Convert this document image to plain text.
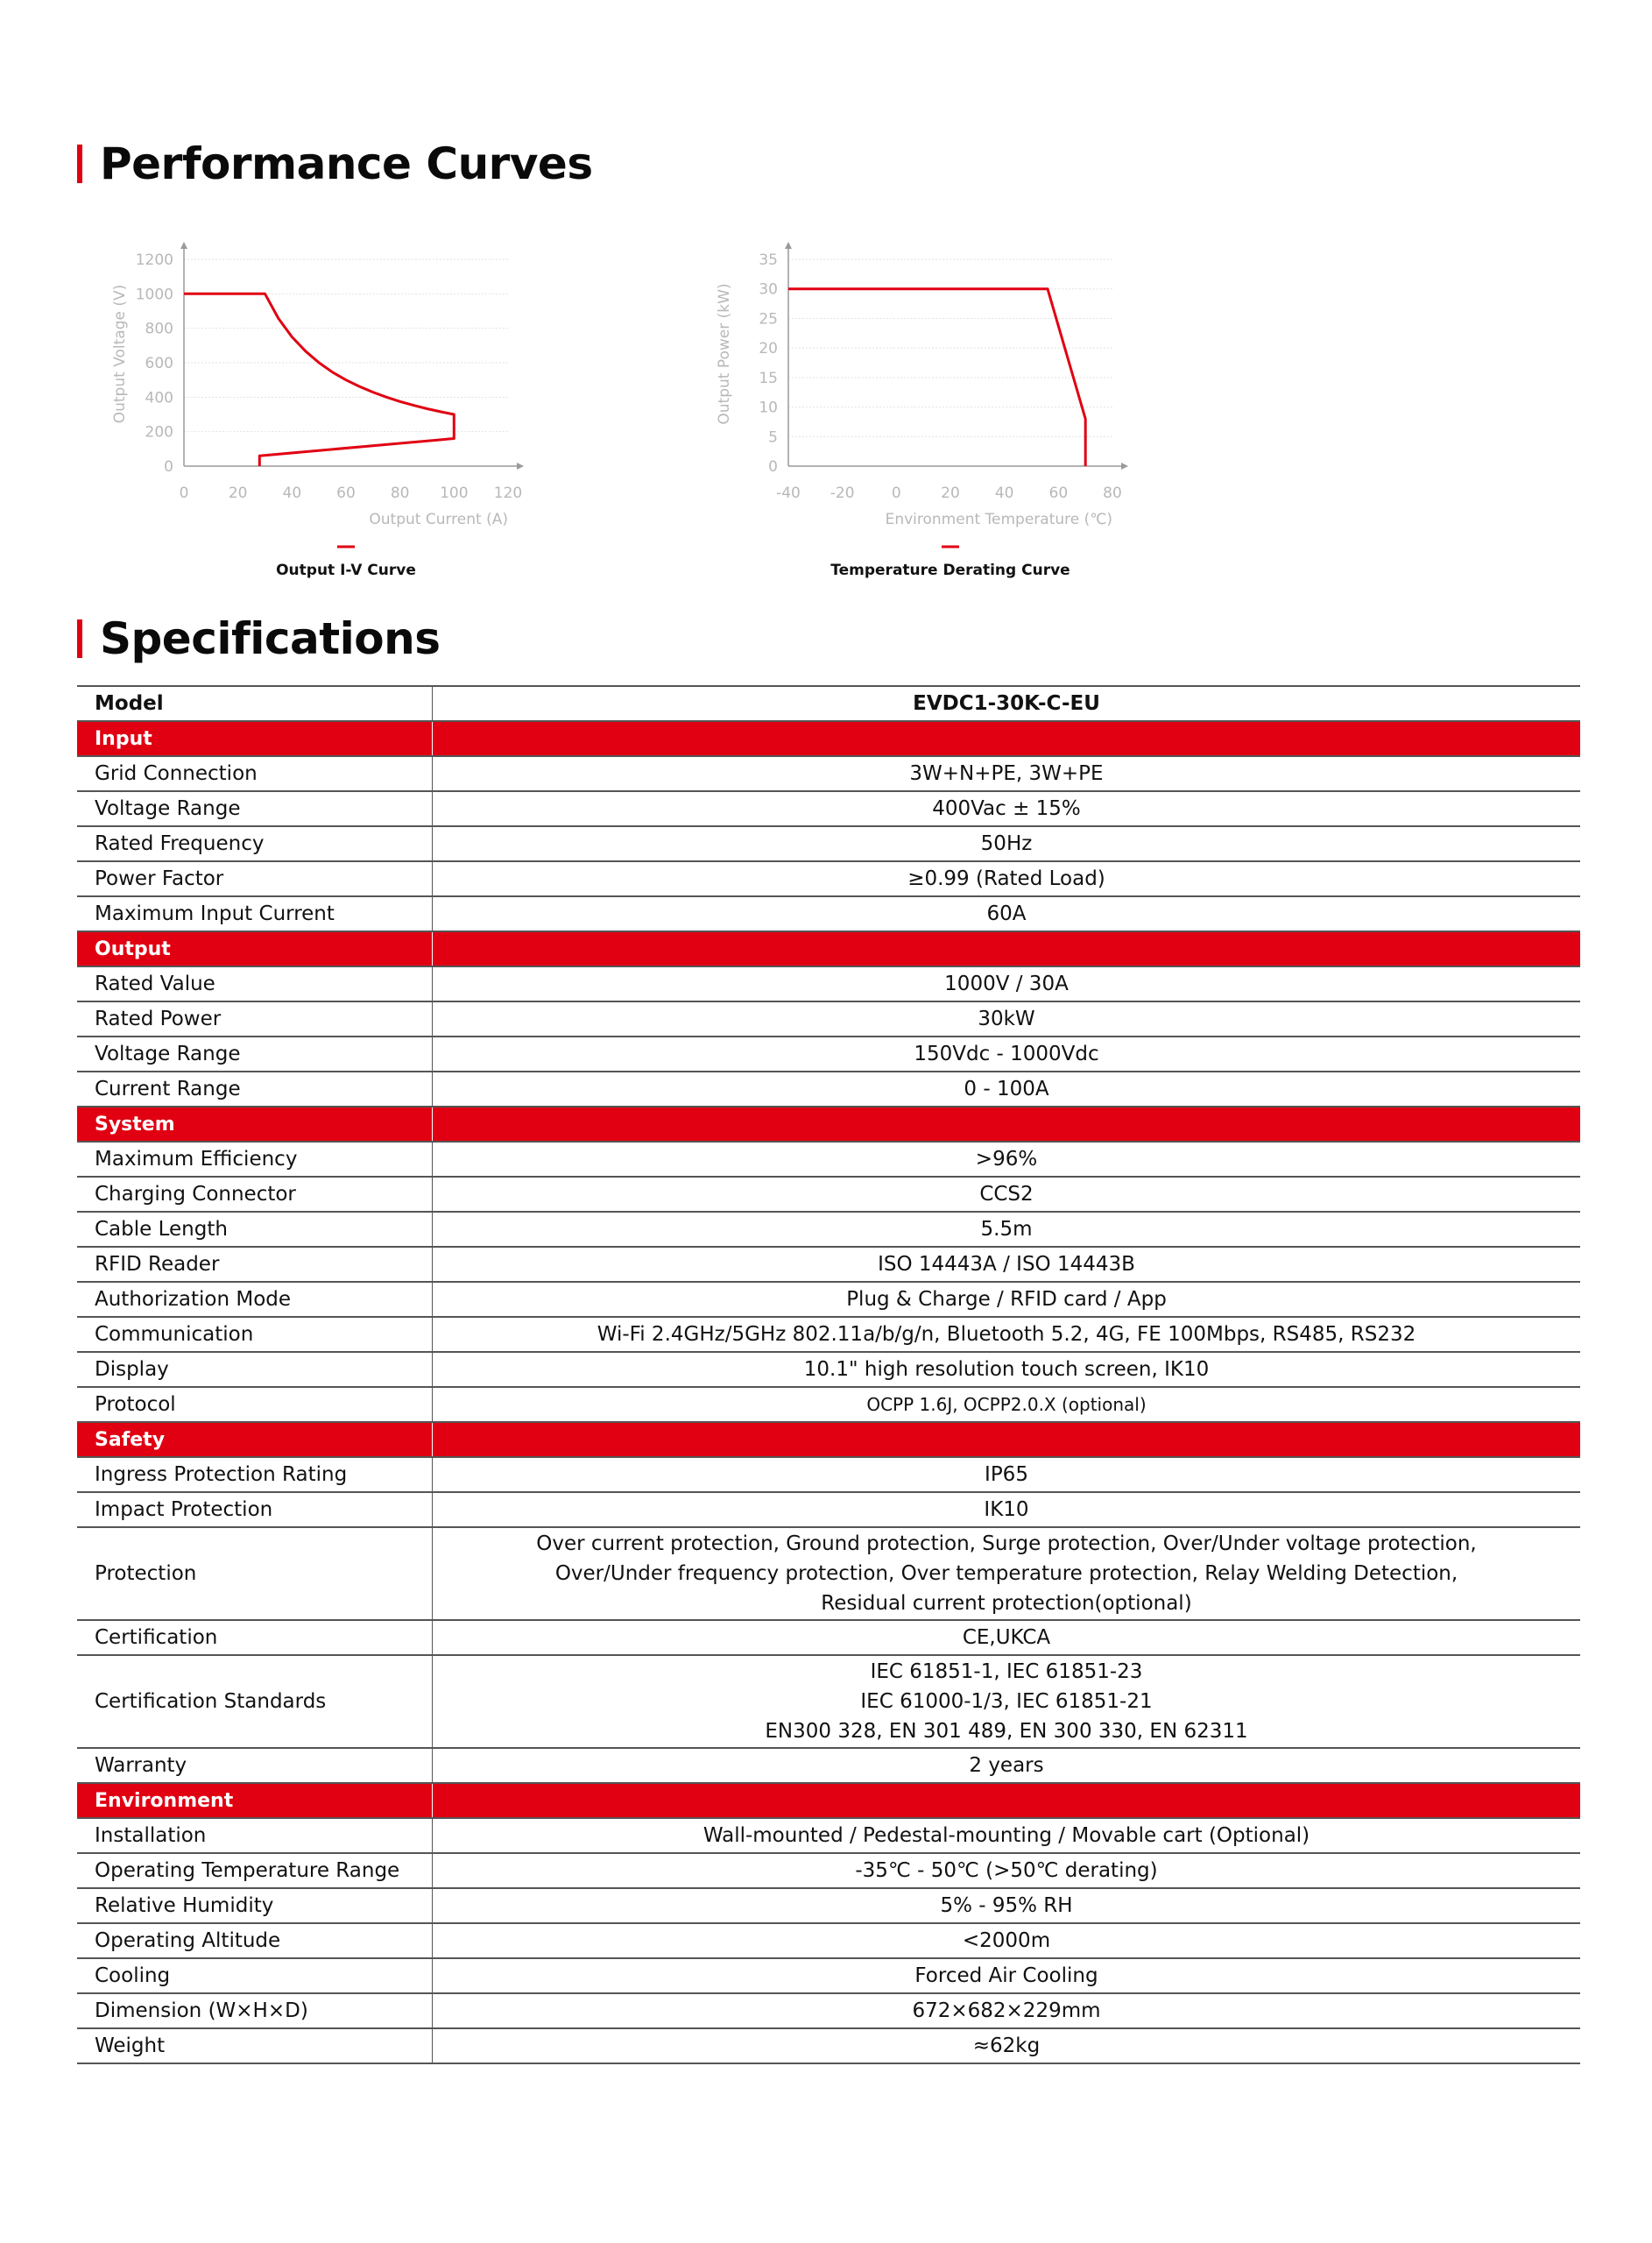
Performance Curves
0
200
400
600
800
1000
1200
0	20 40 60 80 100 120
Output Current (A)
Output Voltage (V)
Output I-V Curve
0
5
10
15
20
25
30
35
-40 -20 0	20 40 60 80
Environment Temperature (℃)
Output Power (kW)
Temperature Derating Curve
Specifications
Model	EVDC1-30K-C-EU
Input	
Grid Connection	3W+N+PE, 3W+PE
Voltage Range	400Vac ± 15%
Rated Frequency	50Hz
Power Factor	≥0.99 (Rated Load)
Maximum Input Current	60A
Output	
Rated Value	1000V / 30A
Rated Power	30kW
Voltage Range	150Vdc - 1000Vdc
Current Range	0 - 100A
System	
Maximum Efficiency	>96%
Charging Connector	CCS2
Cable Length	5.5m
RFID Reader	ISO 14443A / ISO 14443B
Authorization Mode	Plug & Charge / RFID card / App
Communication	Wi-Fi 2.4GHz/5GHz 802.11a/b/g/n, Bluetooth 5.2, 4G, FE 100Mbps, RS485, RS232
Display	10.1" high resolution touch screen, IK10
Protocol	OCPP 1.6J, OCPP2.0.X (optional)
Safety	
Ingress Protection Rating	IP65
Impact Protection	IK10
Protection	Over current protection, Ground protection, Surge protection, Over/Under voltage protection,
Over/Under frequency protection, Over temperature protection, Relay Welding Detection,
Residual current protection(optional)

Certification	CE,UKCA
Certification Standards	IEC 61851-1, IEC 61851-23
IEC 61000-1/3, IEC 61851-21
EN300 328, EN 301 489, EN 300 330, EN 62311

Warranty	2 years
Environment	
Installation	Wall-mounted / Pedestal-mounting / Movable cart (Optional)
Operating Temperature Range	-35℃ - 50℃ (>50℃ derating)
Relative Humidity	5% - 95% RH
Operating Altitude	<2000m
Cooling	Forced Air Cooling
Dimension (W×H×D)	672×682×229mm
Weight	≈62kg
